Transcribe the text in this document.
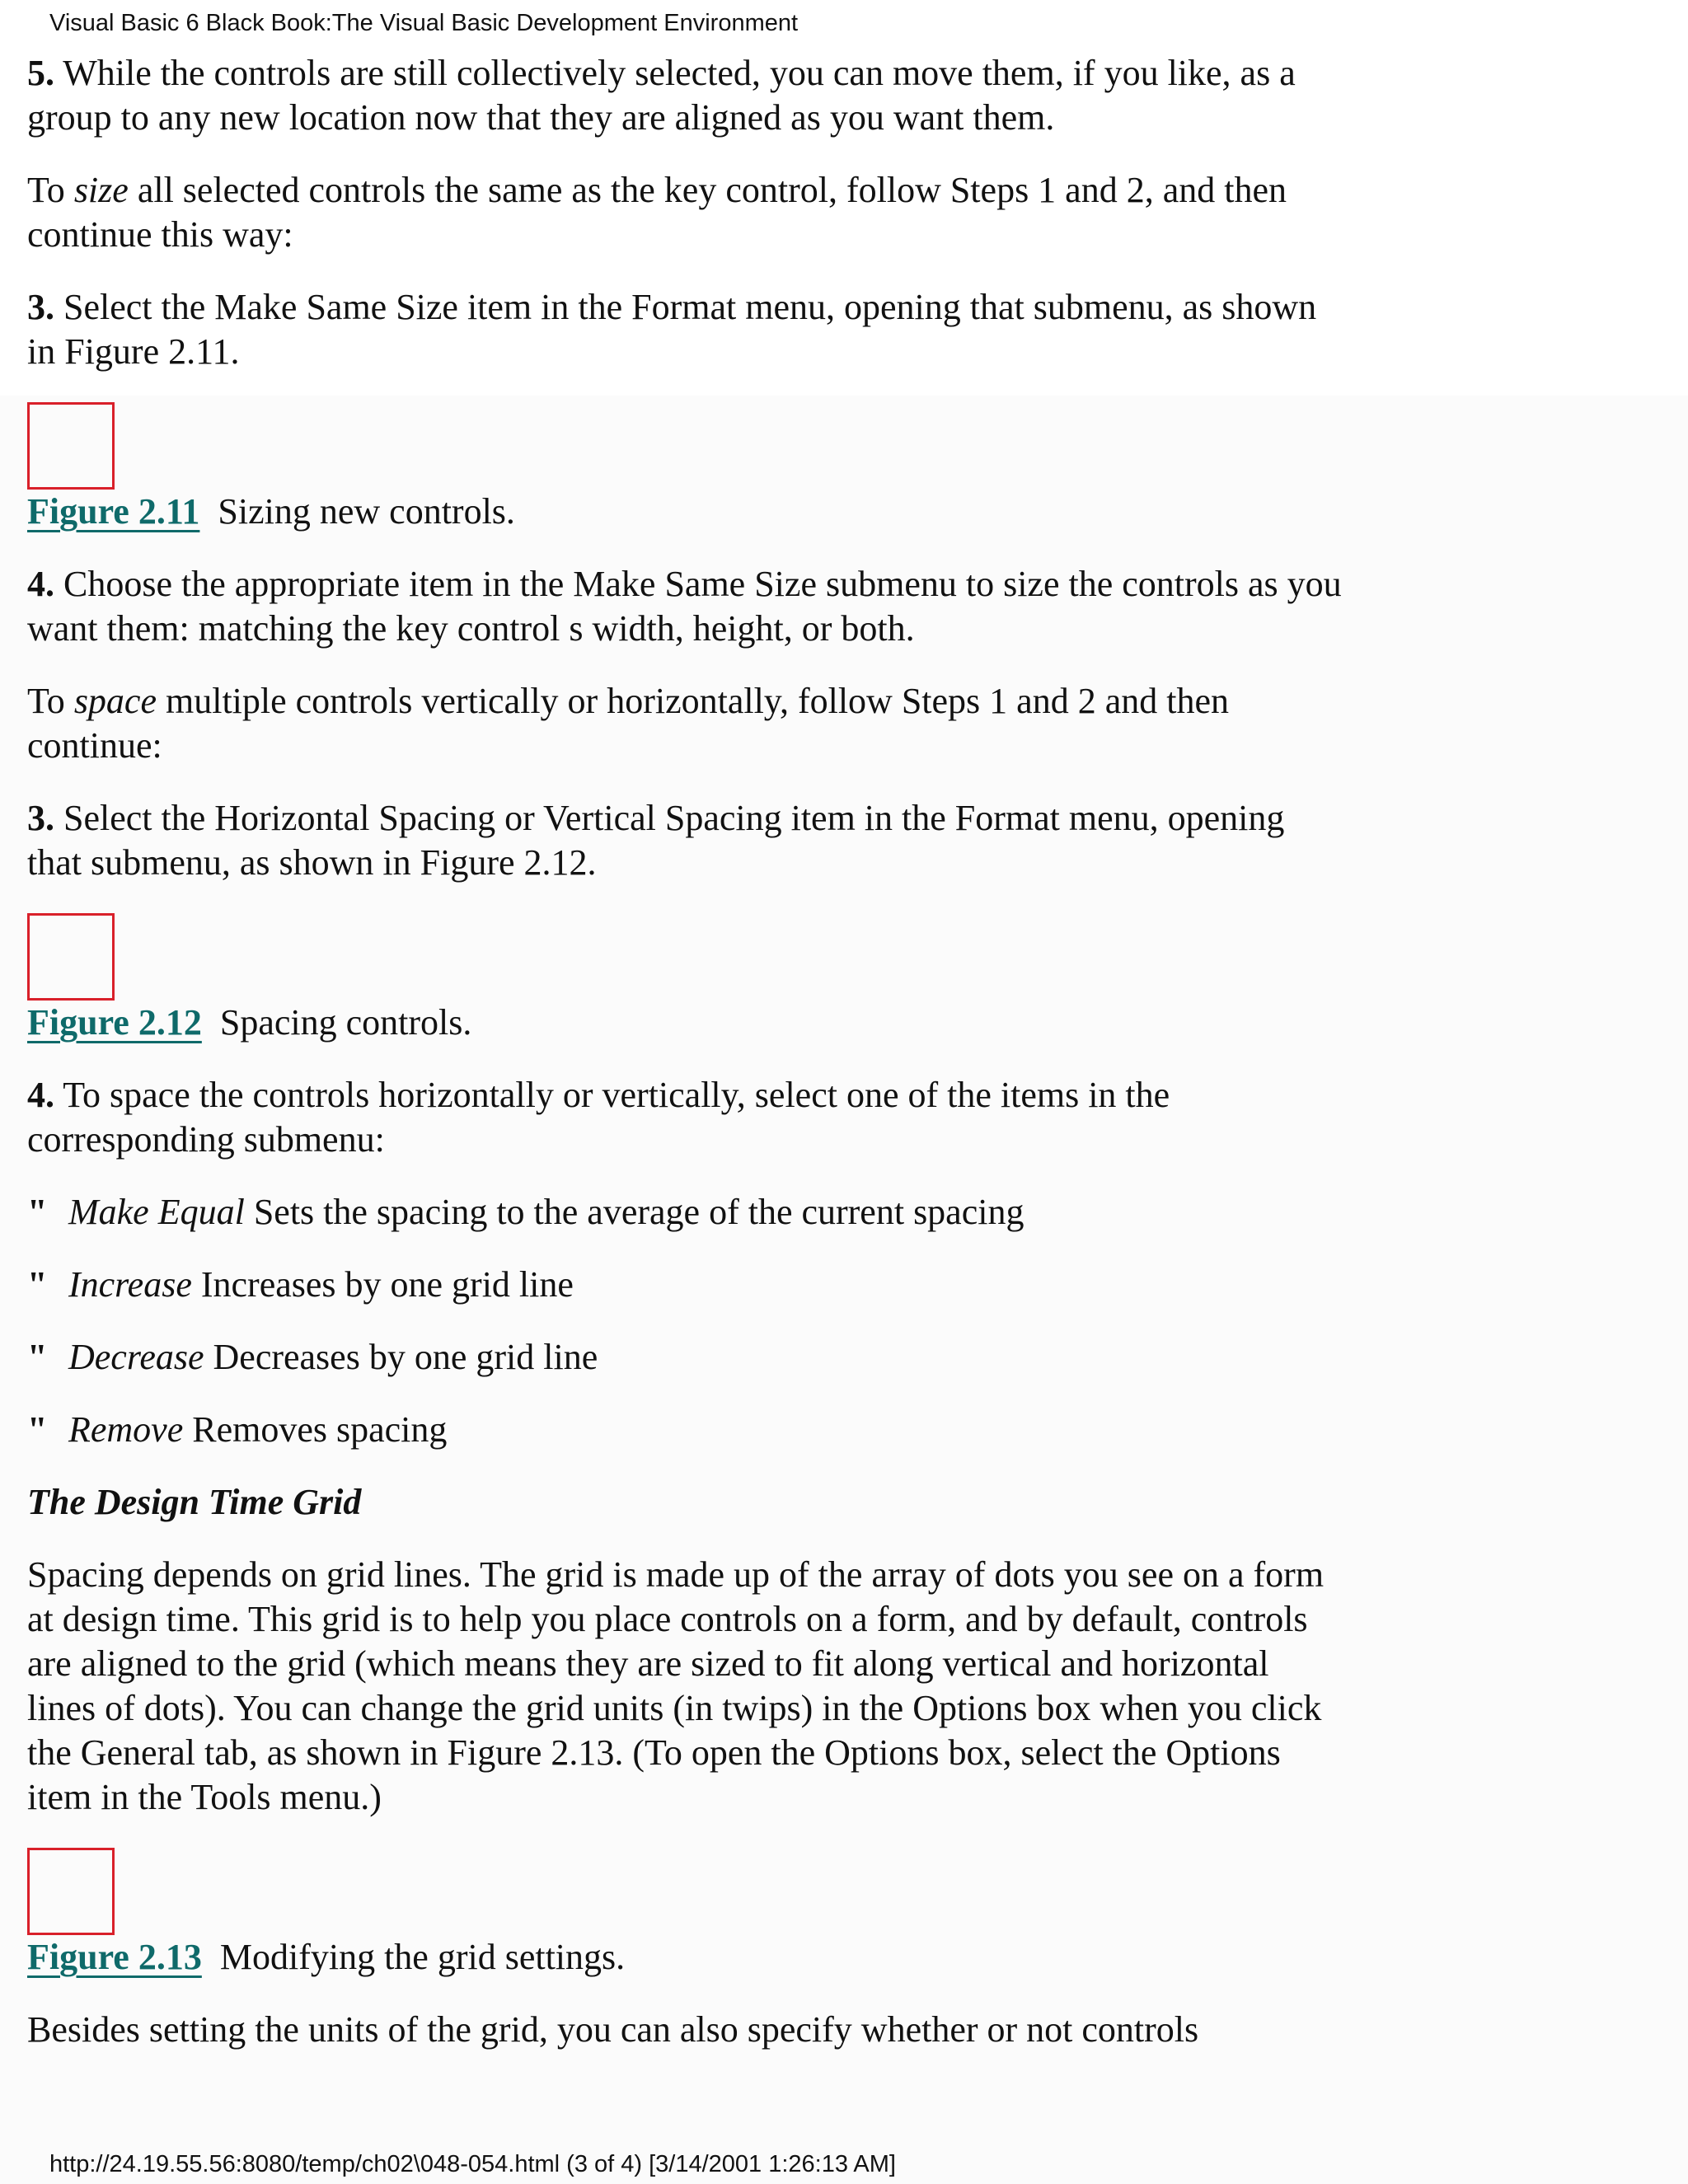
Visual Basic 6 Black Book:The Visual Basic Development Environment

5. While the controls are still collectively selected, you can move them, if you like, as a group to any new location now that they are aligned as you want them.

To size all selected controls the same as the key control, follow Steps 1 and 2, and then continue this way:

3. Select the Make Same Size item in the Format menu, opening that submenu, as shown in Figure 2.11.

Figure 2.11 Sizing new controls.

4. Choose the appropriate item in the Make Same Size submenu to size the controls as you want them: matching the key control s width, height, or both.

To space multiple controls vertically or horizontally, follow Steps 1 and 2 and then continue:

3. Select the Horizontal Spacing or Vertical Spacing item in the Format menu, opening that submenu, as shown in Figure 2.12.

Figure 2.12 Spacing controls.

4. To space the controls horizontally or vertically, select one of the items in the corresponding submenu:

" Make Equal Sets the spacing to the average of the current spacing

" Increase Increases by one grid line

" Decrease Decreases by one grid line

" Remove Removes spacing

The Design Time Grid

Spacing depends on grid lines. The grid is made up of the array of dots you see on a form at design time. This grid is to help you place controls on a form, and by default, controls are aligned to the grid (which means they are sized to fit along vertical and horizontal lines of dots). You can change the grid units (in twips) in the Options box when you click the General tab, as shown in Figure 2.13. (To open the Options box, select the Options item in the Tools menu.)

Figure 2.13 Modifying the grid settings.

Besides setting the units of the grid, you can also specify whether or not controls

http://24.19.55.56:8080/temp/ch02\048-054.html (3 of 4) [3/14/2001 1:26:13 AM]
